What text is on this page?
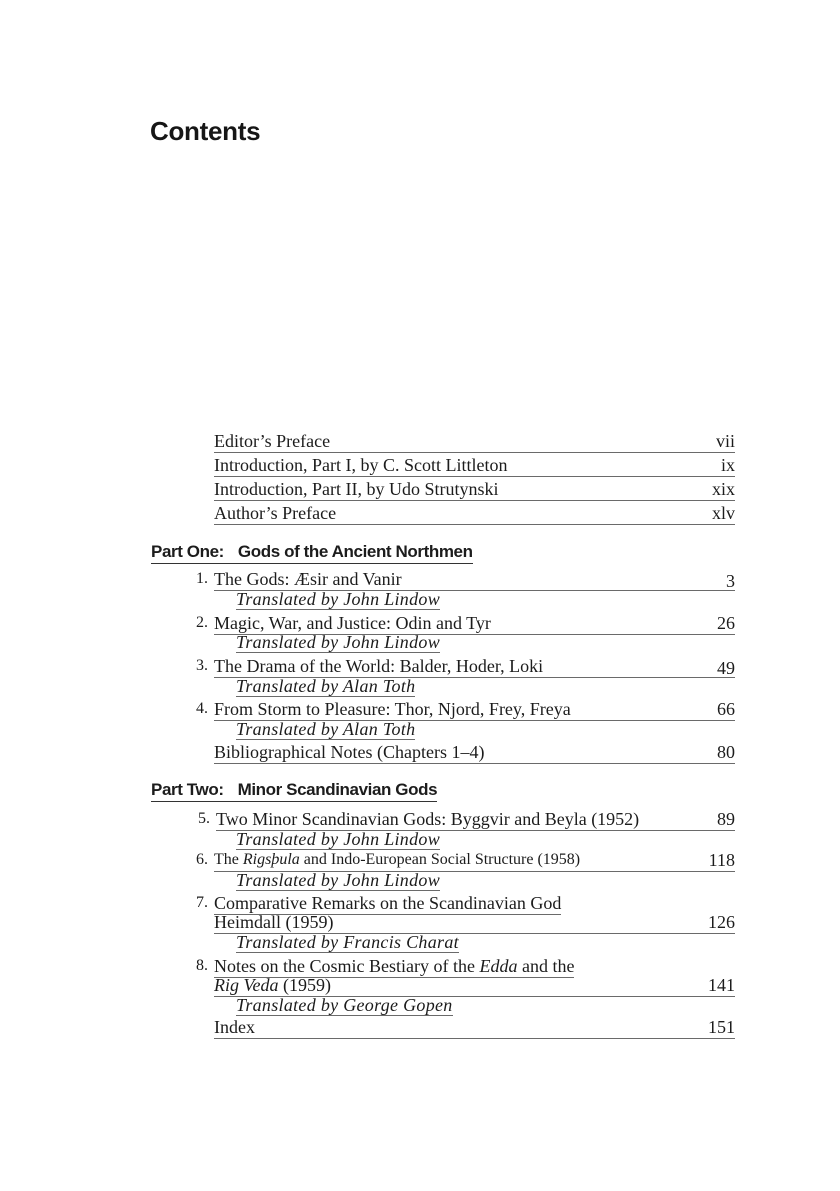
Contents
Editor’s Preface	vii
Introduction, Part I, by C. Scott Littleton	ix
Introduction, Part II, by Udo Strutynski	xix
Author’s Preface	xlv
Part One: Gods of the Ancient Northmen
1. The Gods: Æsir and Vanir	3
Translated by John Lindow
2. Magic, War, and Justice: Odin and Tyr	26
Translated by John Lindow
3. The Drama of the World: Balder, Hoder, Loki	49
Translated by Alan Toth
4. From Storm to Pleasure: Thor, Njord, Frey, Freya	66
Translated by Alan Toth
Bibliographical Notes (Chapters 1–4)	80
Part Two: Minor Scandinavian Gods
5. Two Minor Scandinavian Gods: Byggvir and Beyla (1952)	89
Translated by John Lindow
6. The Rigsþula and Indo-European Social Structure (1958)	118
Translated by John Lindow
7. Comparative Remarks on the Scandinavian God
Heimdall (1959)	126
Translated by Francis Charat
8. Notes on the Cosmic Bestiary of the Edda and the
Rig Veda (1959)	141
Translated by George Gopen
Index	151
